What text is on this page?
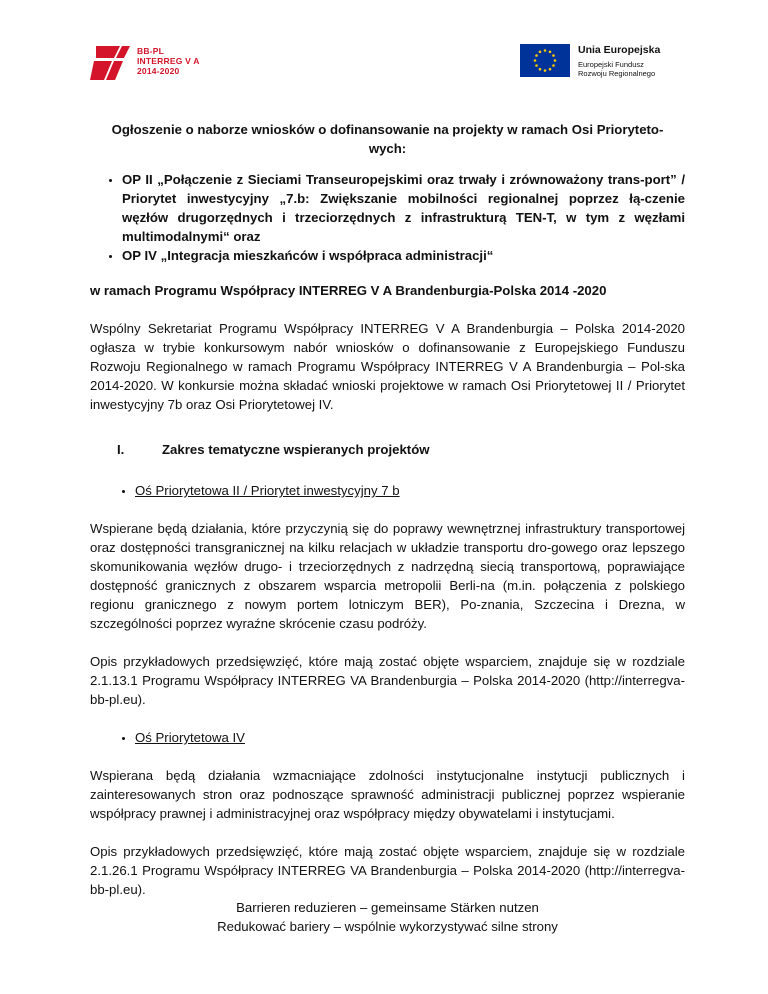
BB-PL
INTERREG V A
2014-2020
Unia Europejska
Europejski Fundusz
Rozwoju Regionalnego
Ogłoszenie o naborze wniosków o dofinansowanie na projekty w ramach Osi Prioryteto-wych:
• OP II „Połączenie z Sieciami Transeuropejskimi oraz trwały i zrównoważony trans-port” / Priorytet inwestycyjny „7.b: Zwiększanie mobilności regionalnej poprzez łą-czenie węzłów drugorzędnych i trzeciorzędnych z infrastrukturą TEN-T, w tym z węzłami multimodalnymi“ oraz
• OP IV „Integracja mieszkańców i współpraca administracji“
w ramach Programu Współpracy INTERREG V A Brandenburgia-Polska 2014 -2020

Wspólny Sekretariat Programu Współpracy INTERREG V A Brandenburgia – Polska 2014-2020 ogłasza w trybie konkursowym nabór wniosków o dofinansowanie z Europejskiego Funduszu Rozwoju Regionalnego w ramach Programu Współpracy INTERREG V A Brandenburgia – Pol-ska 2014-2020. W konkursie można składać wnioski projektowe w ramach Osi Priorytetowej II / Priorytet inwestycyjny 7b oraz Osi Priorytetowej IV.

I.	Zakres tematyczne wspieranych projektów
• Oś Priorytetowa II / Priorytet inwestycyjny 7 b

Wspierane będą działania, które przyczynią się do poprawy wewnętrznej infrastruktury transportowej oraz dostępności transgranicznej na kilku relacjach w układzie transportu dro-gowego oraz lepszego skomunikowania węzłów drugo- i trzeciorzędnych z nadrzędną siecią transportową, poprawiające dostępność granicznych z obszarem wsparcia metropolii Berli-na (m.in. połączenia z polskiego regionu granicznego z nowym portem lotniczym BER), Po-znania, Szczecina i Drezna, w szczególności poprzez wyraźne skrócenie czasu podróży.

Opis przykładowych przedsięwzięć, które mają zostać objęte wsparciem, znajduje się w rozdziale 2.1.13.1 Programu Współpracy INTERREG VA Brandenburgia – Polska 2014-2020 (http://interregva-bb-pl.eu).

• Oś Priorytetowa IV

Wspierana będą działania wzmacniające zdolności instytucjonalne instytucji publicznych i zainteresowanych stron oraz podnoszące sprawność administracji publicznej poprzez wspieranie współpracy prawnej i administracyjnej oraz współpracy między obywatelami i instytucjami.

Opis przykładowych przedsięwzięć, które mają zostać objęte wsparciem, znajduje się w rozdziale 2.1.26.1 Programu Współpracy INTERREG VA Brandenburgia – Polska 2014-2020 (http://interregva-bb-pl.eu).

Barrieren reduzieren – gemeinsame Stärken nutzen
Redukować bariery – wspólnie wykorzystywać silne strony
